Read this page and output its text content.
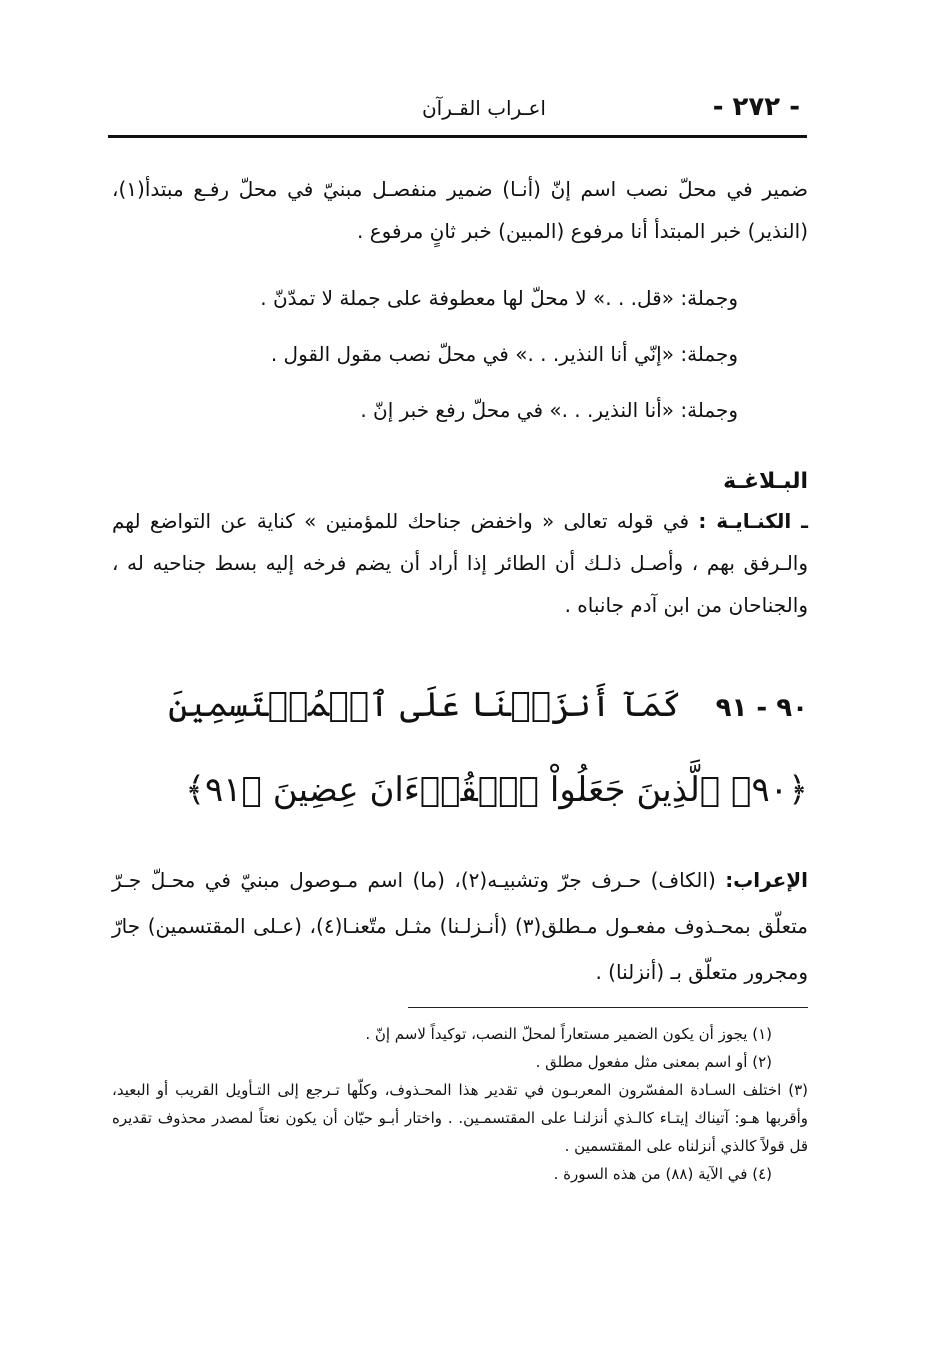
- ٢٧٢ -
اعـراب القـرآن

ضمير في محلّ نصب اسم إنّ (أنـا) ضمير منفصـل مبنيّ في محلّ رفـع مبتدأ(١)، (النذير) خبر المبتدأ أنا مرفوع (المبين) خبر ثانٍ مرفوع .

وجملة: «قل. . .» لا محلّ لها معطوفة على جملة لا تمدّنّ .

وجملة: «إنّي أنا النذير. . .» في محلّ نصب مقول القول .

وجملة: «أنا النذير. . .» في محلّ رفع خبر إنّ .

البـلاغـة

ـ الكنـايـة : في قوله تعالى « واخفض جناحك للمؤمنين » كناية عن التواضع لهم والـرفق بهم ، وأصـل ذلـك أن الطائر إذا أراد أن يضم فرخه إليه بسط جناحيه له ، والجناحان من ابن آدم جانباه .

٩٠ - ٩١كَمَآ أَنزَلۡنَا عَلَى ٱلۡمُقۡتَسِمِينَ ﴿٩٠﴾ ٱلَّذِينَ جَعَلُواْ ٱلۡقُرۡءَانَ عِضِينَ ﴿٩١﴾

الإعراب: (الكاف) حـرف جرّ وتشبيـه(٢)، (ما) اسم مـوصول مبنيّ في محـلّ جـرّ متعلّق بمحـذوف مفعـول مـطلق(٣) (أنـزلـنا) مثـل متّعنـا(٤)، (عـلى المقتسمين) جارّ ومجرور متعلّق بـ (أنزلنا) .

(١) يجوز أن يكون الضمير مستعاراً لمحلّ النصب، توكيداً لاسم إنّ .

(٢) أو اسم بمعنى مثل مفعول مطلق .

(٣) اختلف السـادة المفسّرون المعربـون في تقدير هذا المحـذوف، وكلّها تـرجع إلى التـأويل القريب أو البعيد، وأقربها هـو: آتيناك إيتـاء كالـذي أنزلنـا على المقتسمـين. . واختار أبـو حيّان أن يكون نعتاً لمصدر محذوف تقديره قل قولاً كالذي أنزلناه على المقتسمين .

(٤) في الآية (٨٨) من هذه السورة .
